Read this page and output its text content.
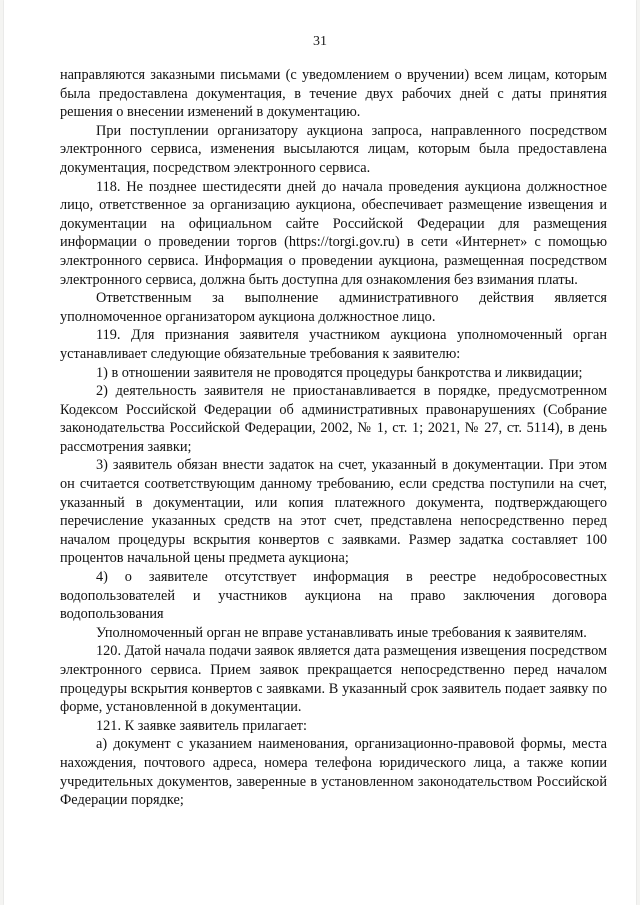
31

направляются заказными письмами (с уведомлением о вручении) всем лицам, которым была предоставлена документация, в течение двух рабочих дней с даты принятия решения о внесении изменений в документацию.

При поступлении организатору аукциона запроса, направленного посредством электронного сервиса, изменения высылаются лицам, которым была предоставлена документация, посредством электронного сервиса.

118. Не позднее шестидесяти дней до начала проведения аукциона должностное лицо, ответственное за организацию аукциона, обеспечивает размещение извещения и документации на официальном сайте Российской Федерации для размещения информации о проведении торгов (https://torgi.gov.ru) в сети «Интернет» с помощью электронного сервиса. Информация о проведении аукциона, размещенная посредством электронного сервиса, должна быть доступна для ознакомления без взимания платы.

Ответственным за выполнение административного действия является уполномоченное организатором аукциона должностное лицо.

119. Для признания заявителя участником аукциона уполномоченный орган устанавливает следующие обязательные требования к заявителю:

1) в отношении заявителя не проводятся процедуры банкротства и ликвидации;

2) деятельность заявителя не приостанавливается в порядке, предусмотренном Кодексом Российской Федерации об административных правонарушениях (Собрание законодательства Российской Федерации, 2002, № 1, ст. 1; 2021, № 27, ст. 5114), в день рассмотрения заявки;

3) заявитель обязан внести задаток на счет, указанный в документации. При этом он считается соответствующим данному требованию, если средства поступили на счет, указанный в документации, или копия платежного документа, подтверждающего перечисление указанных средств на этот счет, представлена непосредственно перед началом процедуры вскрытия конвертов с заявками. Размер задатка составляет 100 процентов начальной цены предмета аукциона;

4) о заявителе отсутствует информация в реестре недобросовестных водопользователей и участников аукциона на право заключения договора водопользования

Уполномоченный орган не вправе устанавливать иные требования к заявителям.

120. Датой начала подачи заявок является дата размещения извещения посредством электронного сервиса. Прием заявок прекращается непосредственно перед началом процедуры вскрытия конвертов с заявками. В указанный срок заявитель подает заявку по форме, установленной в документации.

121. К заявке заявитель прилагает:

а) документ с указанием наименования, организационно-правовой формы, места нахождения, почтового адреса, номера телефона юридического лица, а также копии учредительных документов, заверенные в установленном законодательством Российской Федерации порядке;
